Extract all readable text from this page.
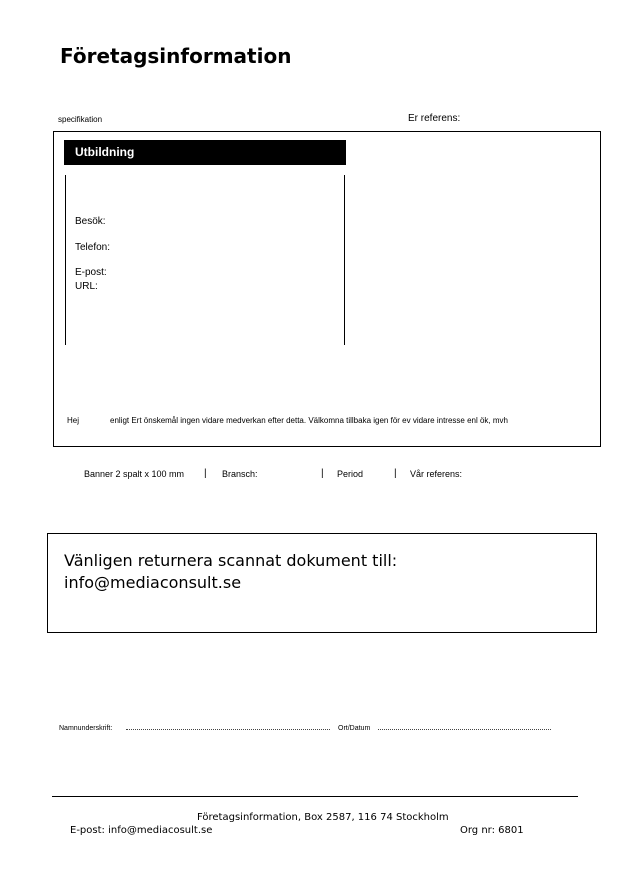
Företagsinformation
specifikation	Er referens:
Utbildning
Besök:
Telefon:
E-post:
URL:
Hej	enligt Ert önskemål ingen vidare medverkan efter detta. Välkomna tillbaka igen för ev vidare intresse enl ök, mvh
Banner 2 spalt x 100 mm | Bransch:	| Period	| Vår referens:
Vänligen returnera scannat dokument till:
info@mediaconsult.se
Namnunderskrift:	Ort/Datum
Företagsinformation, Box 2587, 116 74 Stockholm
E-post: info@mediacosult.se	Org nr: 6801
